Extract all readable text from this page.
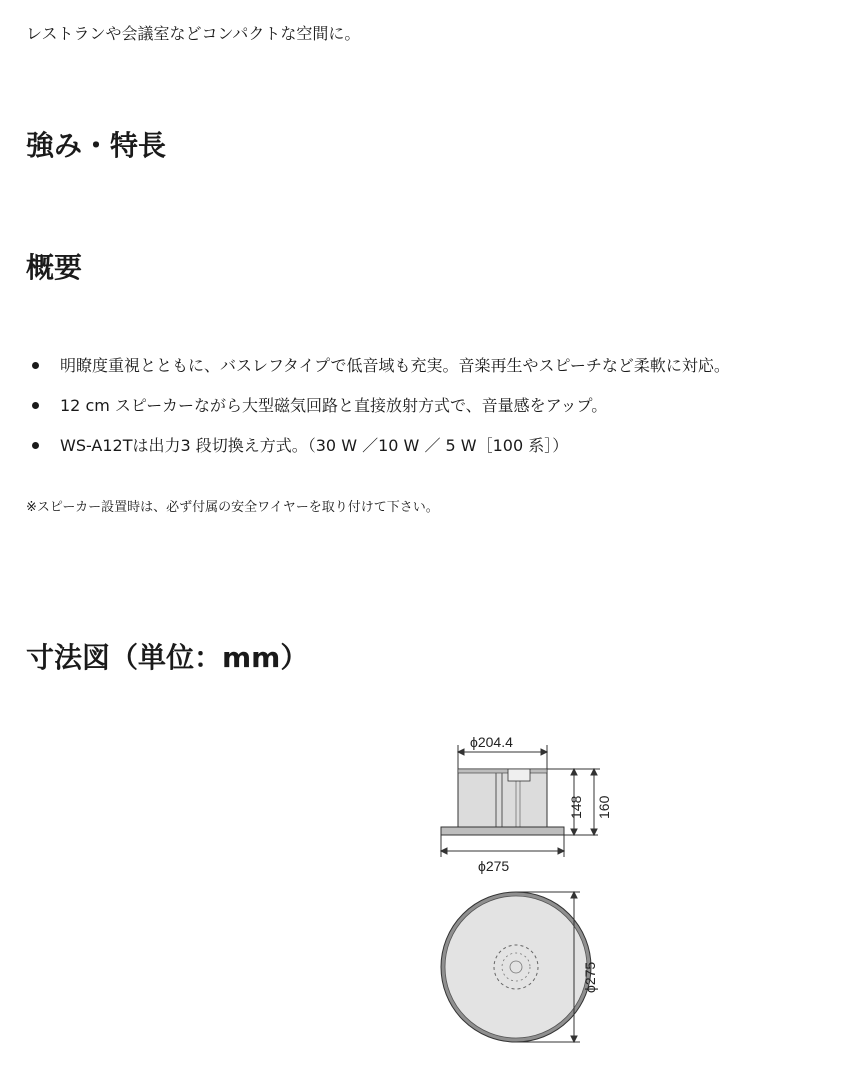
レストランや会議室などコンパクトな空間に。

強み・特長
概要
明瞭度重視とともに、バスレフタイプで低音域も充実。音楽再生やスピーチなど柔軟に対応。
12 cm スピーカーながら大型磁気回路と直接放射方式で、音量感をアップ。
WS-A12Tは出力3 段切換え方式。（30 W ／10 W ／ 5 W［100 系］）

※スピーカー設置時は、必ず付属の安全ワイヤーを取り付けて下さい。

寸法図（単位：mm）
ϕ204.4
148 160
ϕ275
ϕ275
